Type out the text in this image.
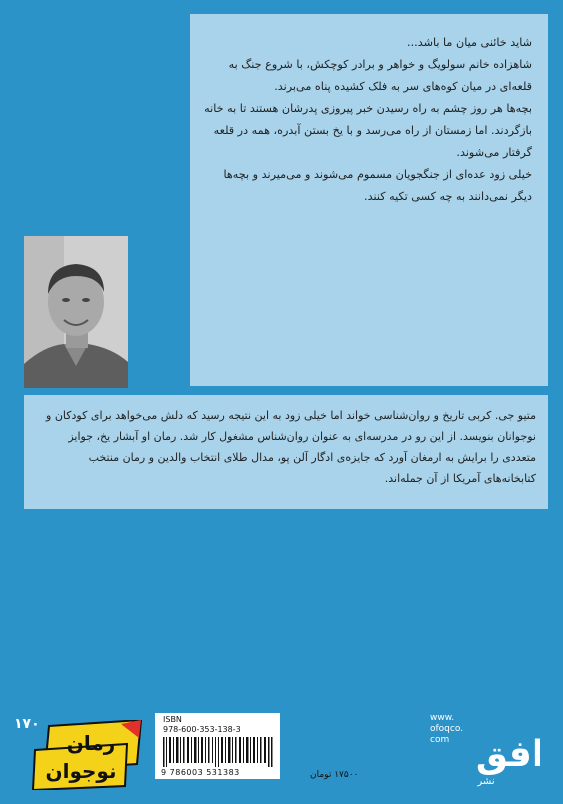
شاید خائنی میان ما باشد...

شاهزاده خانم سولویگ و خواهر و برادر کوچکش، با شروع جنگ به قلعه‌ای در میان کوه‌های سر به فلک کشیده پناه می‌برند.

بچه‌ها هر روز چشم به راه رسیدن خبر پیروزی پدرشان هستند تا به خانه بازگردند. اما زمستان از راه می‌رسد و با یخ بستن آبدره، همه در قلعه گرفتار می‌شوند.

خیلی زود عده‌ای از جنگجویان مسموم می‌شوند و می‌میرند و بچه‌ها دیگر نمی‌دانند به چه کسی تکیه کنند.

متیو جی. کربی تاریخ و روان‌شناسی خواند اما خیلی زود به این نتیجه رسید که دلش می‌خواهد برای کودکان و نوجوانان بنویسد. از این رو در مدرسه‌ای به عنوان روان‌شناس مشغول کار شد. رمان او آبشار یخ، جوایز متعددی را برایش به ارمغان آورد که جایزه‌ی ادگار آلن پو، مدال طلای انتخاب والدین و رمان منتخب کتابخانه‌های آمریکا از آن جمله‌اند.

۱۷۰
رمان
نوجوان
ISBN
978-600-353-138-3
9 786003 531383	۱۷۵۰۰ تومان
www.
ofoqco.
com افق
نشر
